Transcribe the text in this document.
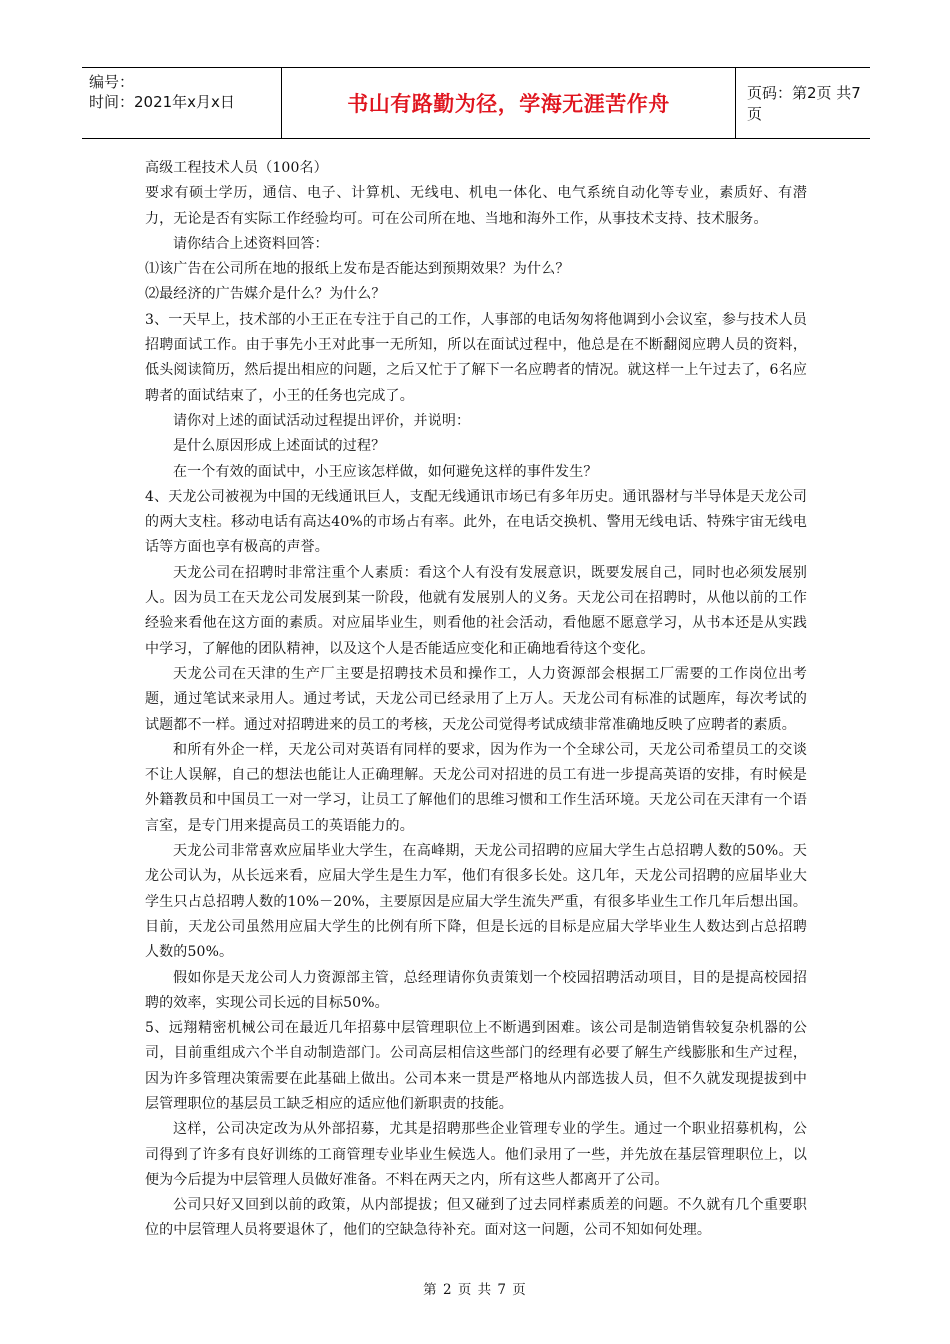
编号：
时间：2021年x月x日	书山有路勤为径，学海无涯苦作舟	页码：第2页 共7页

高级工程技术人员（100名）

要求有硕士学历，通信、电子、计算机、无线电、机电一体化、电气系统自动化等专业，素质好、有潜力，无论是否有实际工作经验均可。可在公司所在地、当地和海外工作，从事技术支持、技术服务。

请你结合上述资料回答：

⑴该广告在公司所在地的报纸上发布是否能达到预期效果？为什么？

⑵最经济的广告媒介是什么？为什么？

3、一天早上，技术部的小王正在专注于自己的工作，人事部的电话匆匆将他调到小会议室，参与技术人员招聘面试工作。由于事先小王对此事一无所知，所以在面试过程中，他总是在不断翻阅应聘人员的资料，低头阅读简历，然后提出相应的问题，之后又忙于了解下一名应聘者的情况。就这样一上午过去了，6名应聘者的面试结束了，小王的任务也完成了。

请你对上述的面试活动过程提出评价，并说明：

是什么原因形成上述面试的过程？

在一个有效的面试中，小王应该怎样做，如何避免这样的事件发生？

4、天龙公司被视为中国的无线通讯巨人，支配无线通讯市场已有多年历史。通讯器材与半导体是天龙公司的两大支柱。移动电话有高达40%的市场占有率。此外，在电话交换机、警用无线电话、特殊宇宙无线电话等方面也享有极高的声誉。

天龙公司在招聘时非常注重个人素质：看这个人有没有发展意识，既要发展自己，同时也必须发展别人。因为员工在天龙公司发展到某一阶段，他就有发展别人的义务。天龙公司在招聘时，从他以前的工作经验来看他在这方面的素质。对应届毕业生，则看他的社会活动，看他愿不愿意学习，从书本还是从实践中学习，了解他的团队精神，以及这个人是否能适应变化和正确地看待这个变化。

天龙公司在天津的生产厂主要是招聘技术员和操作工，人力资源部会根据工厂需要的工作岗位出考题，通过笔试来录用人。通过考试，天龙公司已经录用了上万人。天龙公司有标准的试题库，每次考试的试题都不一样。通过对招聘进来的员工的考核，天龙公司觉得考试成绩非常准确地反映了应聘者的素质。

和所有外企一样，天龙公司对英语有同样的要求，因为作为一个全球公司，天龙公司希望员工的交谈不让人误解，自己的想法也能让人正确理解。天龙公司对招进的员工有进一步提高英语的安排，有时候是外籍教员和中国员工一对一学习，让员工了解他们的思维习惯和工作生活环境。天龙公司在天津有一个语言室，是专门用来提高员工的英语能力的。

天龙公司非常喜欢应届毕业大学生，在高峰期，天龙公司招聘的应届大学生占总招聘人数的50%。天龙公司认为，从长远来看，应届大学生是生力军，他们有很多长处。这几年，天龙公司招聘的应届毕业大学生只占总招聘人数的10%－20%，主要原因是应届大学生流失严重，有很多毕业生工作几年后想出国。目前，天龙公司虽然用应届大学生的比例有所下降，但是长远的目标是应届大学毕业生人数达到占总招聘人数的50%。

假如你是天龙公司人力资源部主管，总经理请你负责策划一个校园招聘活动项目，目的是提高校园招聘的效率，实现公司长远的目标50%。

5、远翔精密机械公司在最近几年招募中层管理职位上不断遇到困难。该公司是制造销售较复杂机器的公司，目前重组成六个半自动制造部门。公司高层相信这些部门的经理有必要了解生产线膨胀和生产过程，因为许多管理决策需要在此基础上做出。公司本来一贯是严格地从内部选拔人员，但不久就发现提拔到中层管理职位的基层员工缺乏相应的适应他们新职责的技能。

这样，公司决定改为从外部招募，尤其是招聘那些企业管理专业的学生。通过一个职业招募机构，公司得到了许多有良好训练的工商管理专业毕业生候选人。他们录用了一些，并先放在基层管理职位上，以便为今后提为中层管理人员做好准备。不料在两天之内，所有这些人都离开了公司。

公司只好又回到以前的政策，从内部提拔；但又碰到了过去同样素质差的问题。不久就有几个重要职位的中层管理人员将要退休了，他们的空缺急待补充。面对这一问题，公司不知如何处理。

第 2 页 共 7 页
